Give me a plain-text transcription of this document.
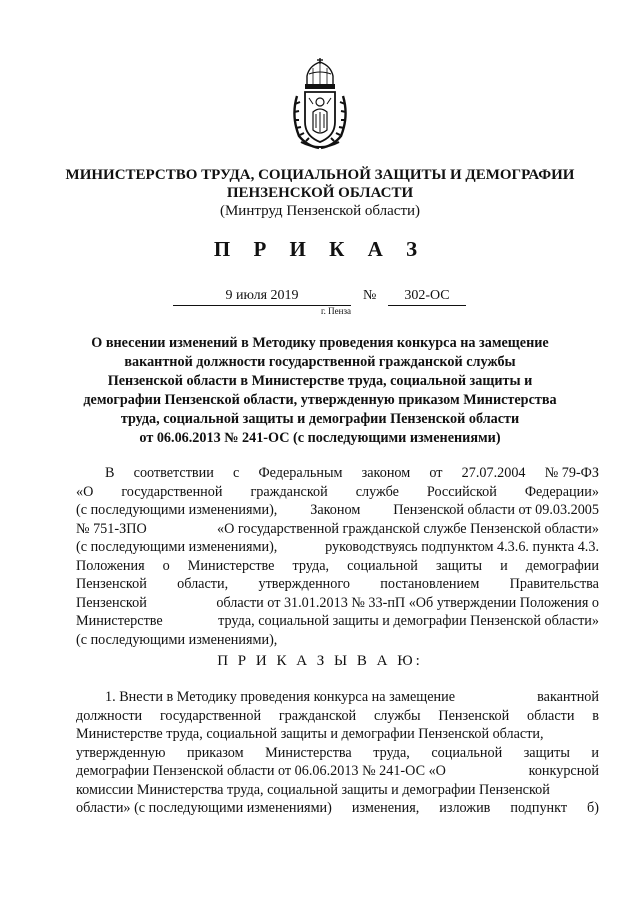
МИНИСТЕРСТВО ТРУДА, СОЦИАЛЬНОЙ ЗАЩИТЫ И ДЕМОГРАФИИ
ПЕНЗЕНСКОЙ ОБЛАСТИ
(Минтруд Пензенской области)
П Р И К А З
9 июля 2019	№	302-ОС
г. Пенза
О внесении изменений в Методику проведения конкурса на замещение
вакантной должности государственной гражданской службы
Пензенской области в Министерстве труда, социальной защиты и
демографии Пензенской области, утвержденную приказом Министерства
труда, социальной защиты и демографии Пензенской области
от 06.06.2013 № 241-ОС (с последующими изменениями)
В соответствии с Федеральным законом от 27.07.2004 № 79-ФЗ
«О государственной гражданской службе Российской Федерации»
(с последующими изменениями), Законом Пензенской области от 09.03.2005
№ 751-ЗПО	«О государственной гражданской службе Пензенской области»
(с последующими изменениями),	руководствуясь подпунктом 4.3.6. пункта 4.3.
Положения о Министерстве труда, социальной защиты и демографии
Пензенской области, утвержденного постановлением Правительства
Пензенской	области от 31.01.2013 № 33-пП «Об утверждении Положения о
Министерстве	труда, социальной защиты и демографии Пензенской области»
(с последующими изменениями),
П Р И К А З Ы В А Ю:
1. Внести в Методику проведения конкурса на замещение	вакантной
должности государственной гражданской службы Пензенской области в
Министерстве труда, социальной защиты и демографии Пензенской области,
утвержденную приказом Министерства труда, социальной защиты и
демографии Пензенской области от 06.06.2013 № 241-ОС «О	конкурсной
комиссии Министерства труда, социальной защиты и демографии Пензенской
области» (с последующими изменениями) изменения, изложив подпункт б)
